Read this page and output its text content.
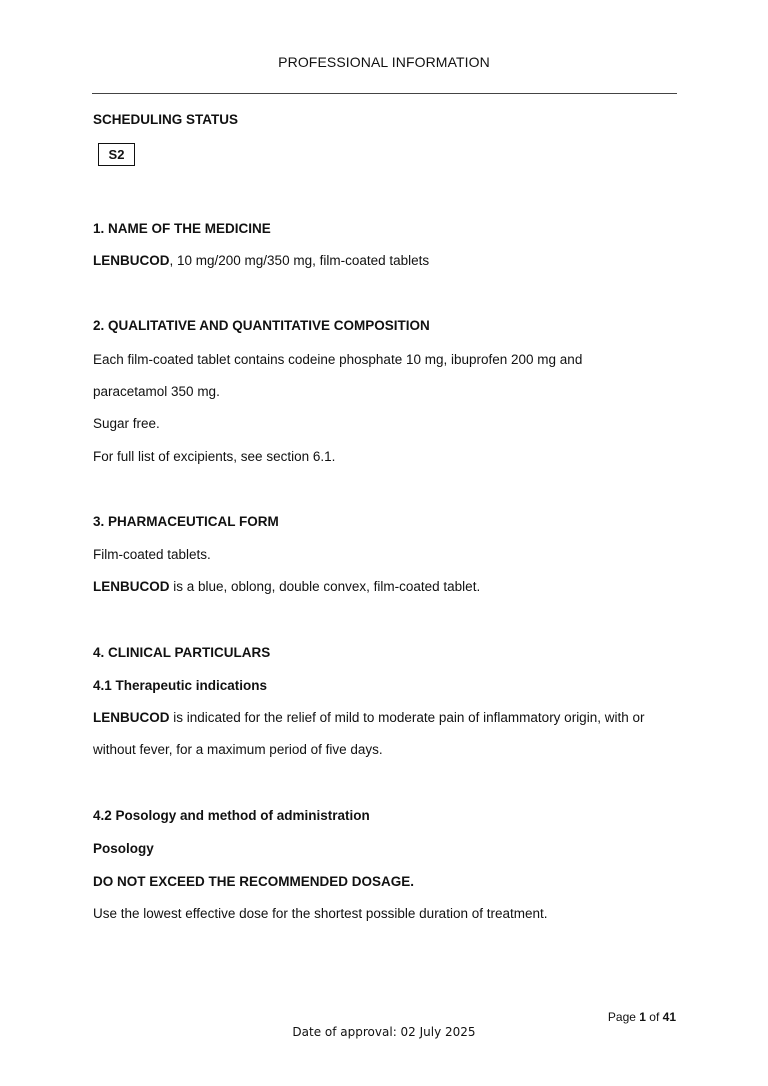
PROFESSIONAL INFORMATION
SCHEDULING STATUS
S2
1. NAME OF THE MEDICINE
LENBUCOD, 10 mg/200 mg/350 mg, film-coated tablets
2. QUALITATIVE AND QUANTITATIVE COMPOSITION
Each film-coated tablet contains codeine phosphate 10 mg, ibuprofen 200 mg and
paracetamol 350 mg.
Sugar free.
For full list of excipients, see section 6.1.
3. PHARMACEUTICAL FORM
Film-coated tablets.
LENBUCOD is a blue, oblong, double convex, film-coated tablet.
4. CLINICAL PARTICULARS
4.1 Therapeutic indications
LENBUCOD is indicated for the relief of mild to moderate pain of inflammatory origin, with or
without fever, for a maximum period of five days.
4.2 Posology and method of administration
Posology
DO NOT EXCEED THE RECOMMENDED DOSAGE.
Use the lowest effective dose for the shortest possible duration of treatment.
Page 1 of 41
Date of approval: 02 July 2025
